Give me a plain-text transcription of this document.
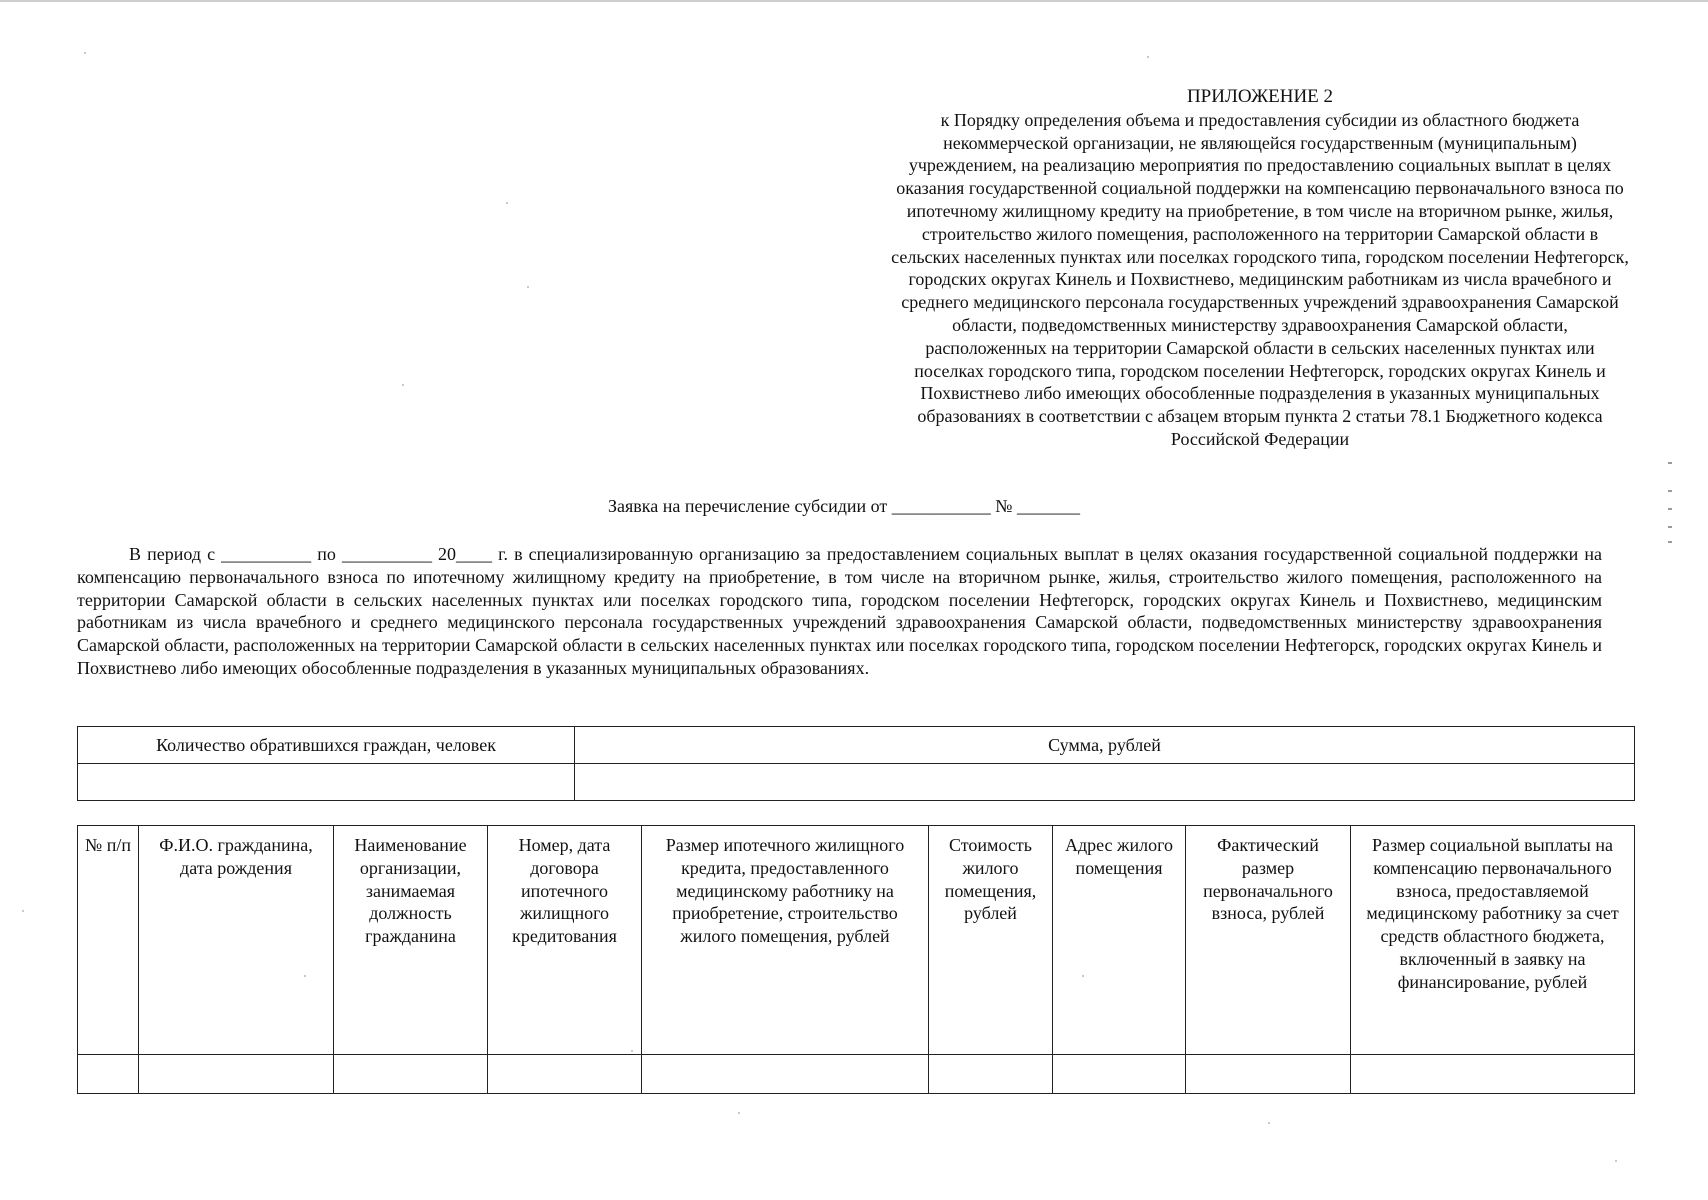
ПРИЛОЖЕНИЕ 2
к Порядку определения объема и предоставления субсидии из областного бюджета некоммерческой организации, не являющейся государственным (муниципальным) учреждением, на реализацию мероприятия по предоставлению социальных выплат в целях оказания государственной социальной поддержки на компенсацию первоначального взноса по ипотечному жилищному кредиту на приобретение, в том числе на вторичном рынке, жилья, строительство жилого помещения, расположенного на территории Самарской области в сельских населенных пунктах или поселках городского типа, городском поселении Нефтегорск, городских округах Кинель и Похвистнево, медицинским работникам из числа врачебного и среднего медицинского персонала государственных учреждений здравоохранения Самарской области, подведомственных министерству здравоохранения Самарской области, расположенных на территории Самарской области в сельских населенных пунктах или поселках городского типа, городском поселении Нефтегорск, городских округах Кинель и Похвистнево либо имеющих обособленные подразделения в указанных муниципальных образованиях в соответствии с абзацем вторым пункта 2 статьи 78.1 Бюджетного кодекса Российской Федерации
Заявка на перечисление субсидии от ___________ № _______
В период с __________ по __________ 20____ г. в специализированную организацию за предоставлением социальных выплат в целях оказания государственной социальной поддержки на компенсацию первоначального взноса по ипотечному жилищному кредиту на приобретение, в том числе на вторичном рынке, жилья, строительство жилого помещения, расположенного на территории Самарской области в сельских населенных пунктах или поселках городского типа, городском поселении Нефтегорск, городских округах Кинель и Похвистнево, медицинским работникам из числа врачебного и среднего медицинского персонала государственных учреждений здравоохранения Самарской области, подведомственных министерству здравоохранения Самарской области, расположенных на территории Самарской области в сельских населенных пунктах или поселках городского типа, городском поселении Нефтегорск, городских округах Кинель и Похвистнево либо имеющих обособленные подразделения в указанных муниципальных образованиях.
Количество обратившихся граждан, человек	Сумма, рублей

№ п/п	Ф.И.О. гражданина, дата рождения	Наименование организации, занимаемая должность гражданина	Номер, дата договора ипотечного жилищного кредитования	Размер ипотечного жилищного кредита, предоставленного медицинскому работнику на приобретение, строительство жилого помещения, рублей	Стоимость жилого помещения, рублей	Адрес жилого помещения	Фактический размер первоначального взноса, рублей	Размер социальной выплаты на компенсацию первоначального взноса, предоставляемой медицинскому работнику за счет средств областного бюджета, включенный в заявку на финансирование, рублей
